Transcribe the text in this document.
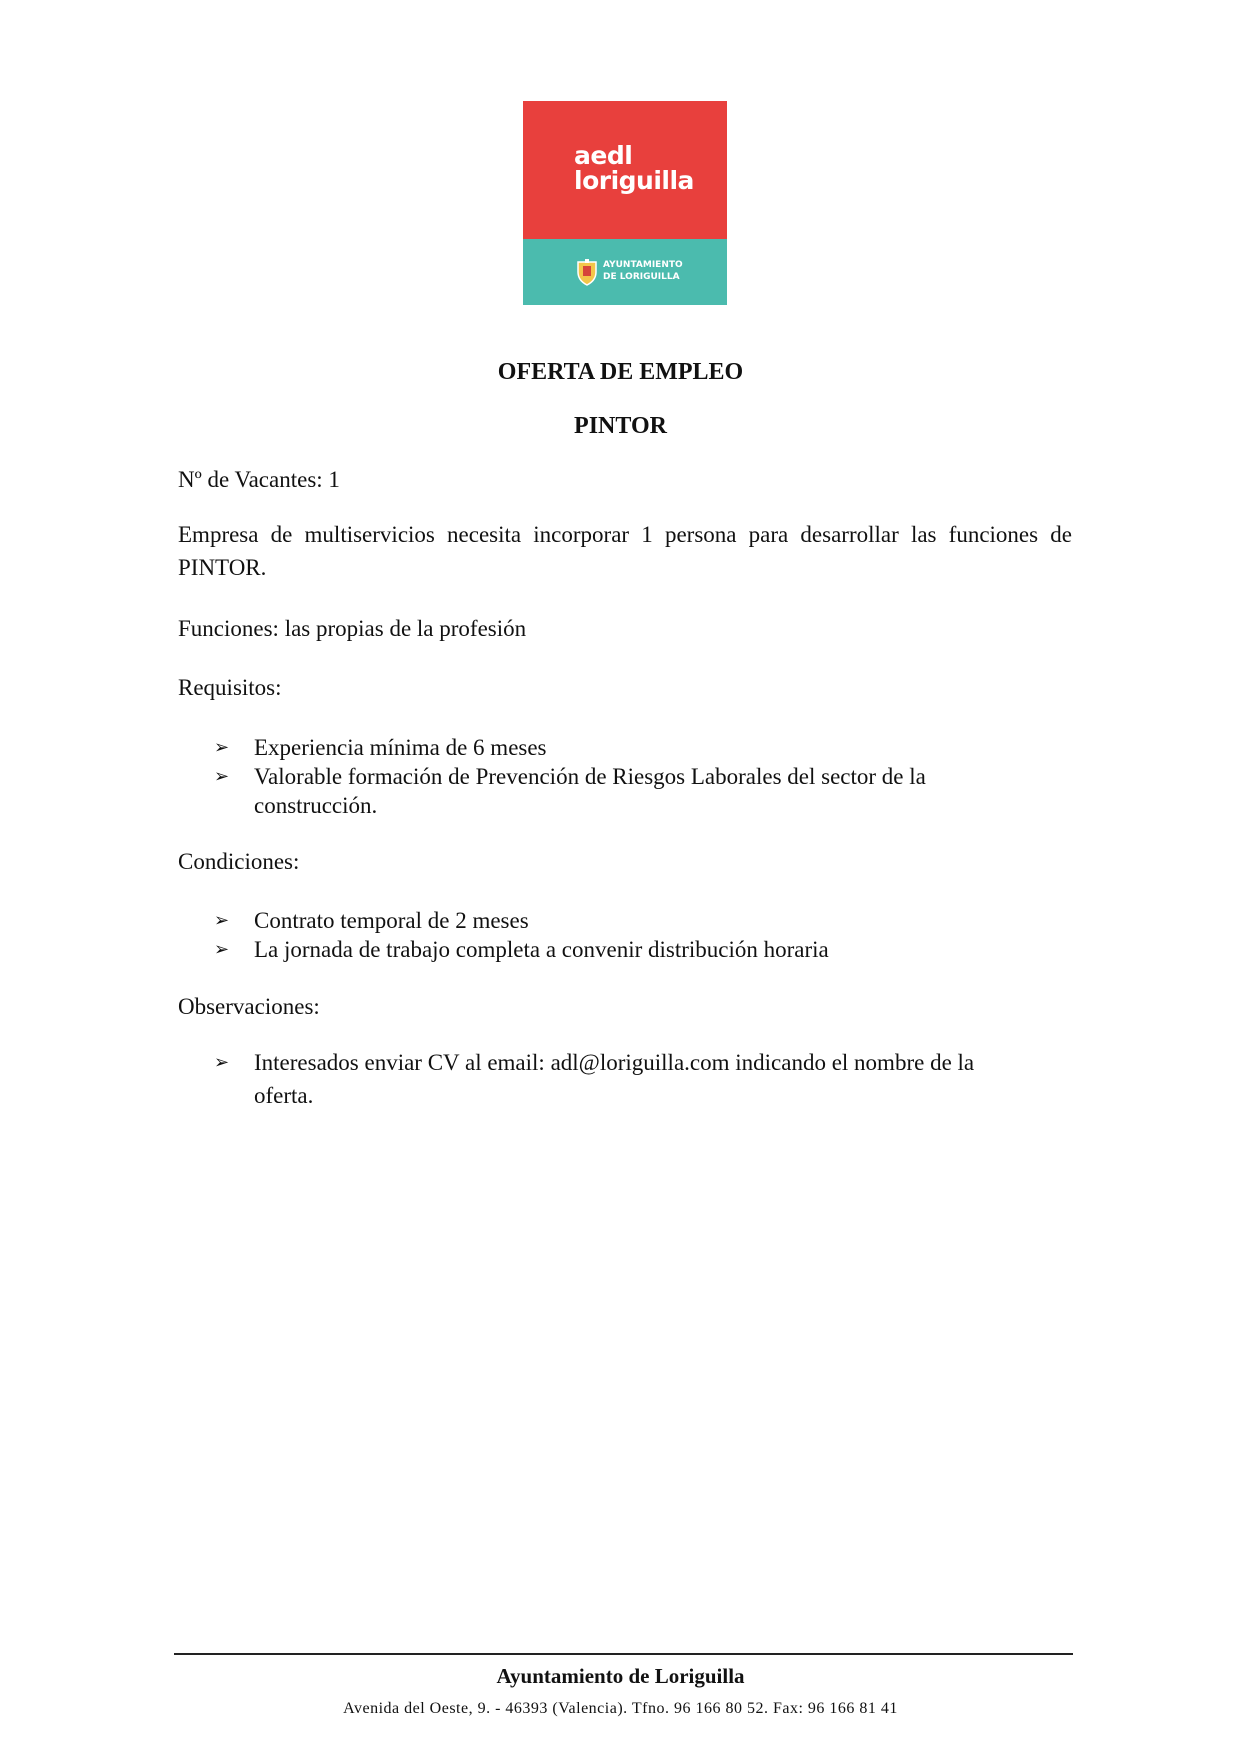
aedl
loriguilla
AYUNTAMIENTO
DE LORIGUILLA
OFERTA DE EMPLEO
PINTOR
Nº de Vacantes: 1
Empresa de multiservicios necesita incorporar 1 persona para desarrollar las funciones de PINTOR.
Funciones: las propias de la profesión
Requisitos:
➢ Experiencia mínima de 6 meses
➢ Valorable formación de Prevención de Riesgos Laborales del sector de la construcción.
Condiciones:
➢ Contrato temporal de 2 meses
➢ La jornada de trabajo completa a convenir distribución horaria
Observaciones:
➢ Interesados enviar CV al email: adl@loriguilla.com indicando el nombre de la oferta.
Ayuntamiento de Loriguilla
Avenida del Oeste, 9. - 46393 (Valencia). Tfno. 96 166 80 52. Fax: 96 166 81 41
